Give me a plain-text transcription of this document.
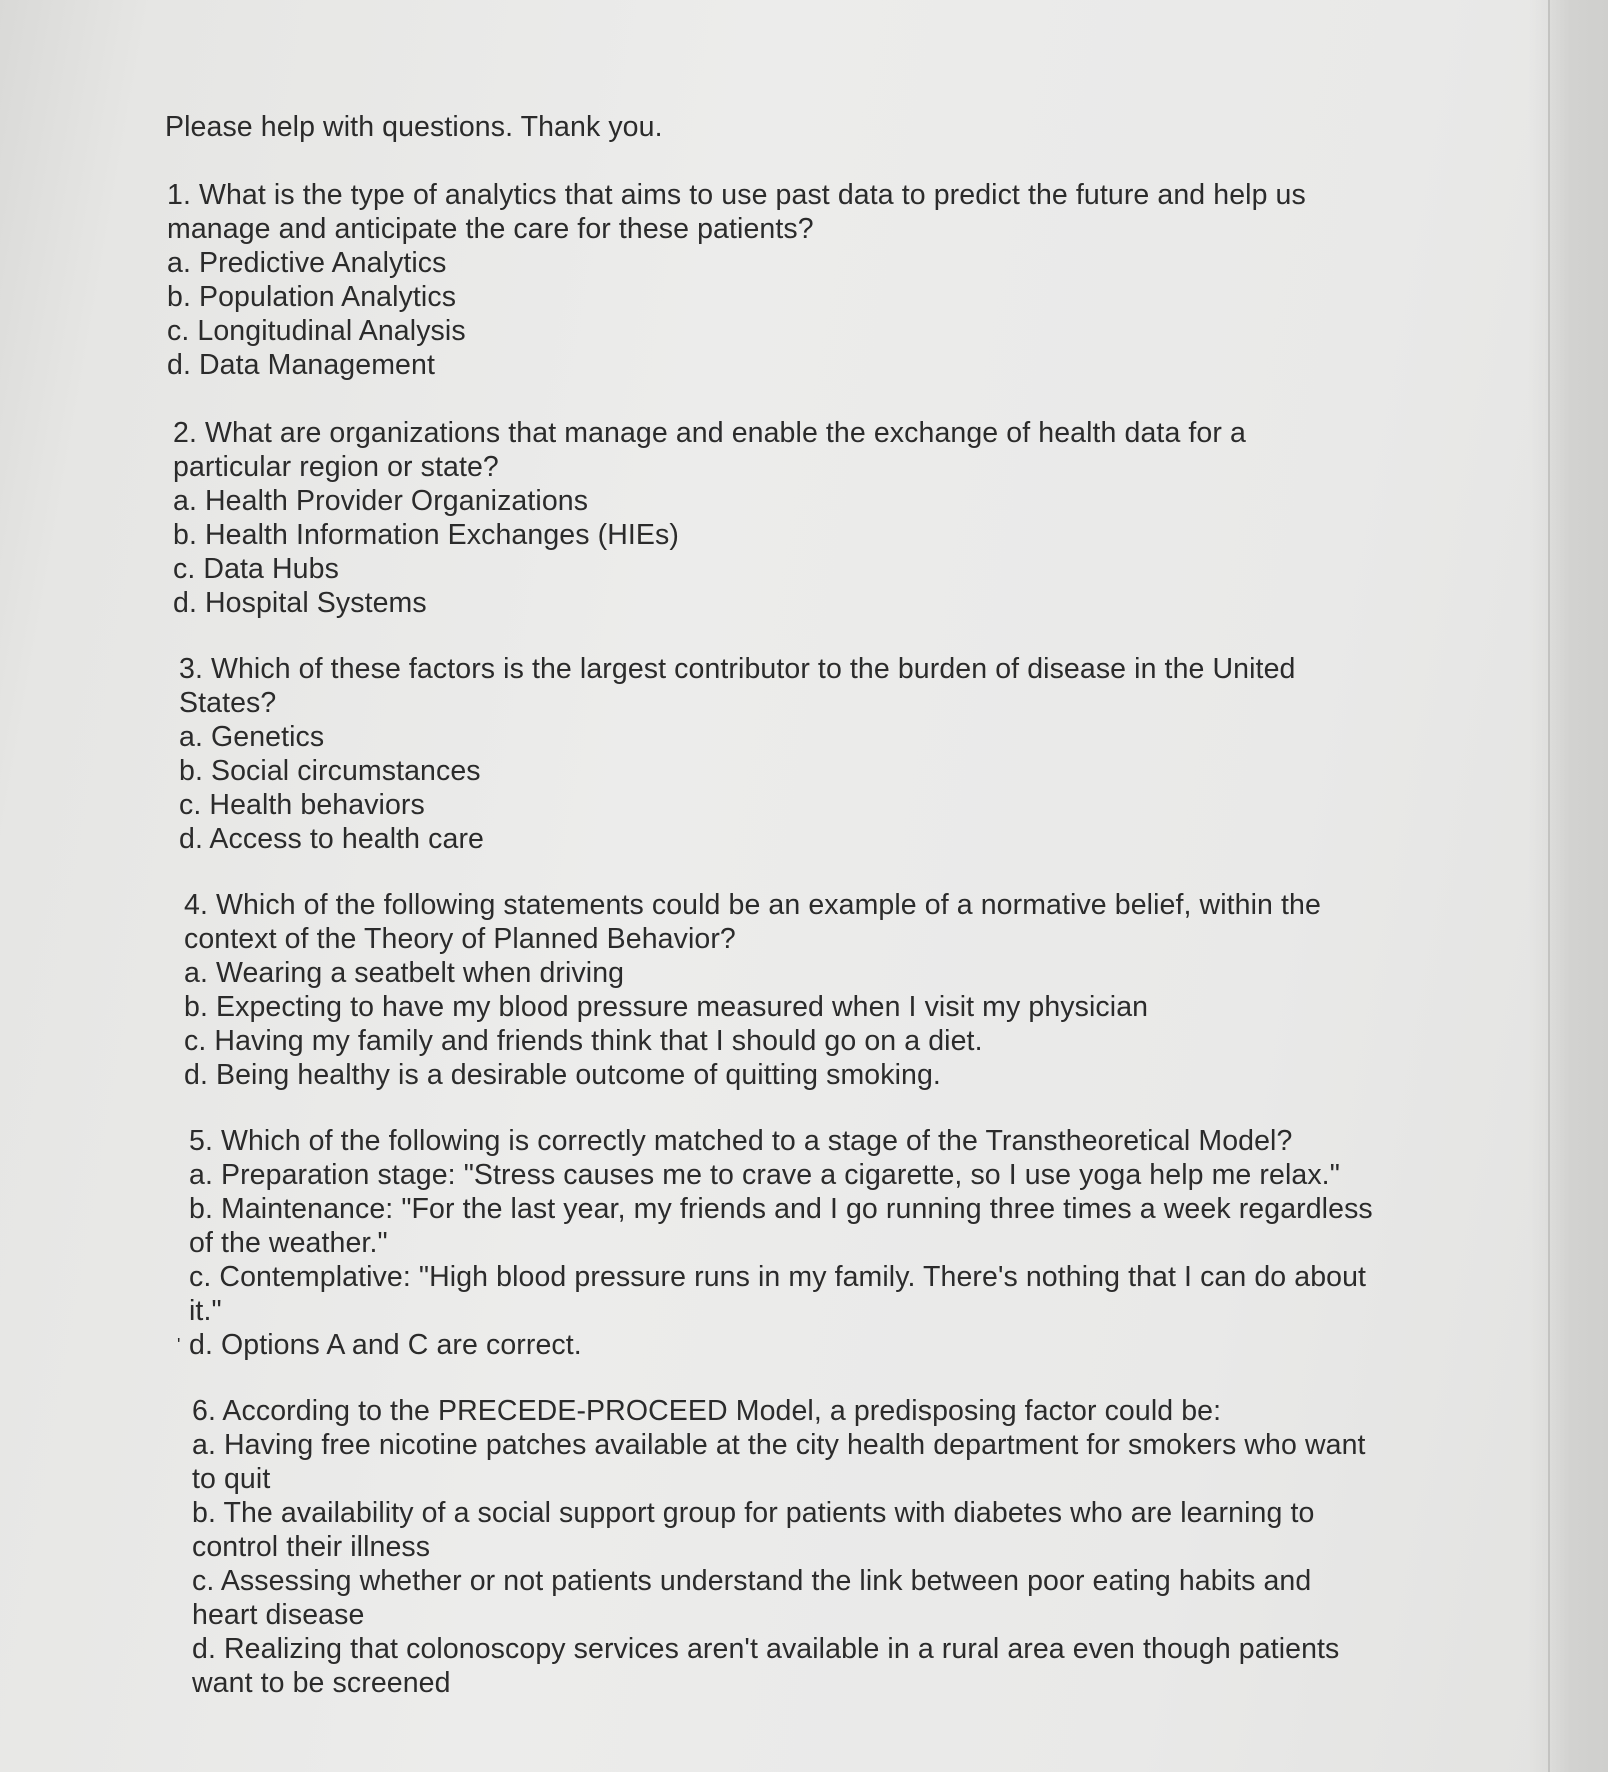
Please help with questions. Thank you.

1. What is the type of analytics that aims to use past data to predict the future and help us manage and anticipate the care for these patients?

a. Predictive Analytics

b. Population Analytics

c. Longitudinal Analysis

d. Data Management

2. What are organizations that manage and enable the exchange of health data for a particular region or state?

a. Health Provider Organizations

b. Health Information Exchanges (HIEs)

c. Data Hubs

d. Hospital Systems

3. Which of these factors is the largest contributor to the burden of disease in the United States?

a. Genetics

b. Social circumstances

c. Health behaviors

d. Access to health care

4. Which of the following statements could be an example of a normative belief, within the context of the Theory of Planned Behavior?

a. Wearing a seatbelt when driving

b. Expecting to have my blood pressure measured when I visit my physician

c. Having my family and friends think that I should go on a diet.

d. Being healthy is a desirable outcome of quitting smoking.

5. Which of the following is correctly matched to a stage of the Transtheoretical Model?

a. Preparation stage: "Stress causes me to crave a cigarette, so I use yoga help me relax."

b. Maintenance: "For the last year, my friends and I go running three times a week regardless of the weather."

c. Contemplative: "High blood pressure runs in my family. There's nothing that I can do about it."

' d. Options A and C are correct.

6. According to the PRECEDE-PROCEED Model, a predisposing factor could be:

a. Having free nicotine patches available at the city health department for smokers who want to quit

b. The availability of a social support group for patients with diabetes who are learning to control their illness

c. Assessing whether or not patients understand the link between poor eating habits and heart disease

d. Realizing that colonoscopy services aren't available in a rural area even though patients want to be screened
